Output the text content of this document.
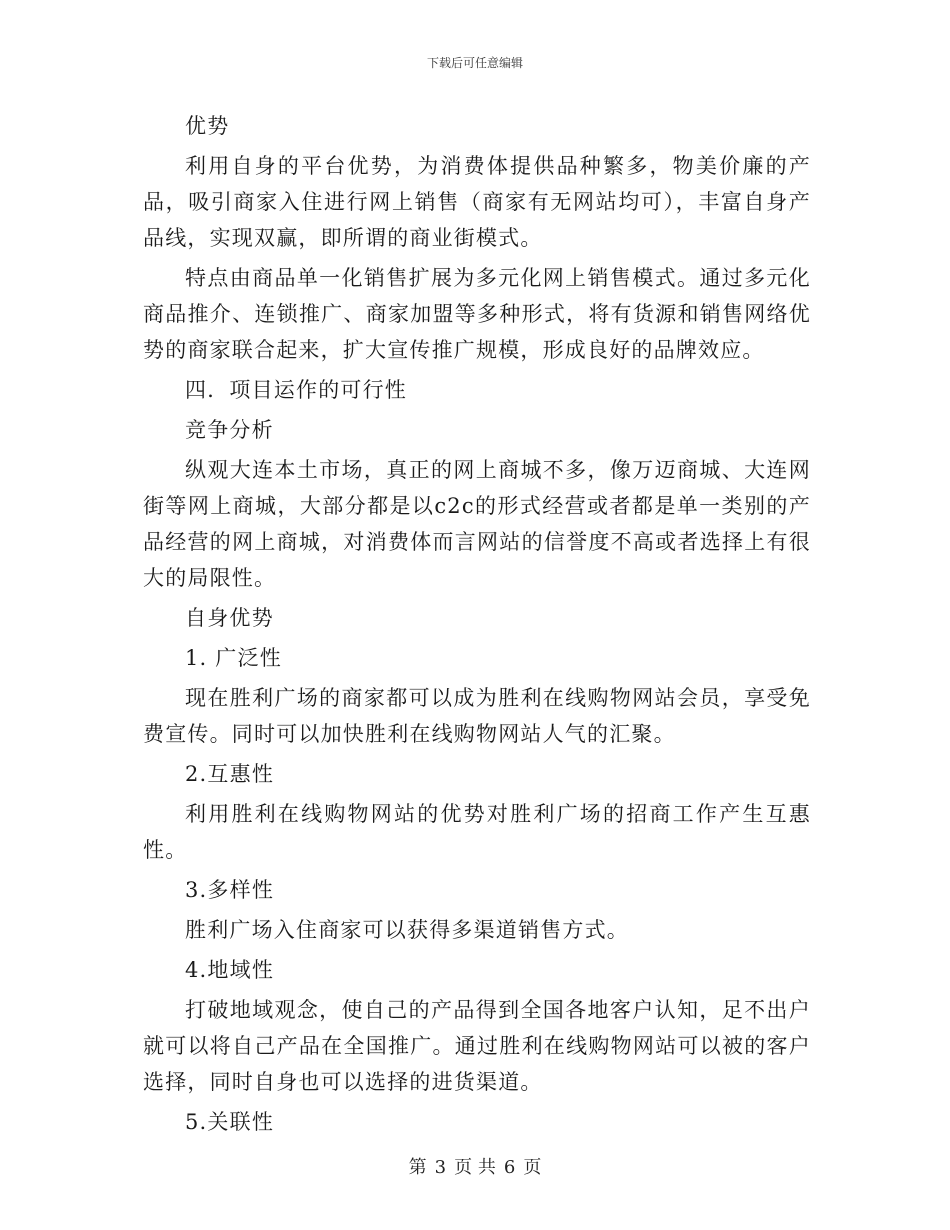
下载后可任意编辑

优势

利用自身的平台优势，为消费体提供品种繁多，物美价廉的产品，吸引商家入住进行网上销售（商家有无网站均可），丰富自身产品线，实现双赢，即所谓的商业街模式。

特点由商品单一化销售扩展为多元化网上销售模式。通过多元化商品推介、连锁推广、商家加盟等多种形式，将有货源和销售网络优势的商家联合起来，扩大宣传推广规模，形成良好的品牌效应。

四．项目运作的可行性

竞争分析

纵观大连本土市场，真正的网上商城不多，像万迈商城、大连网街等网上商城，大部分都是以c2c的形式经营或者都是单一类别的产品经营的网上商城，对消费体而言网站的信誉度不高或者选择上有很大的局限性。

自身优势

1. 广泛性

现在胜利广场的商家都可以成为胜利在线购物网站会员，享受免费宣传。同时可以加快胜利在线购物网站人气的汇聚。

2.互惠性

利用胜利在线购物网站的优势对胜利广场的招商工作产生互惠性。

3.多样性

胜利广场入住商家可以获得多渠道销售方式。

4.地域性

打破地域观念，使自己的产品得到全国各地客户认知，足不出户就可以将自己产品在全国推广。通过胜利在线购物网站可以被的客户选择，同时自身也可以选择的进货渠道。

5.关联性

第 3 页 共 6 页
